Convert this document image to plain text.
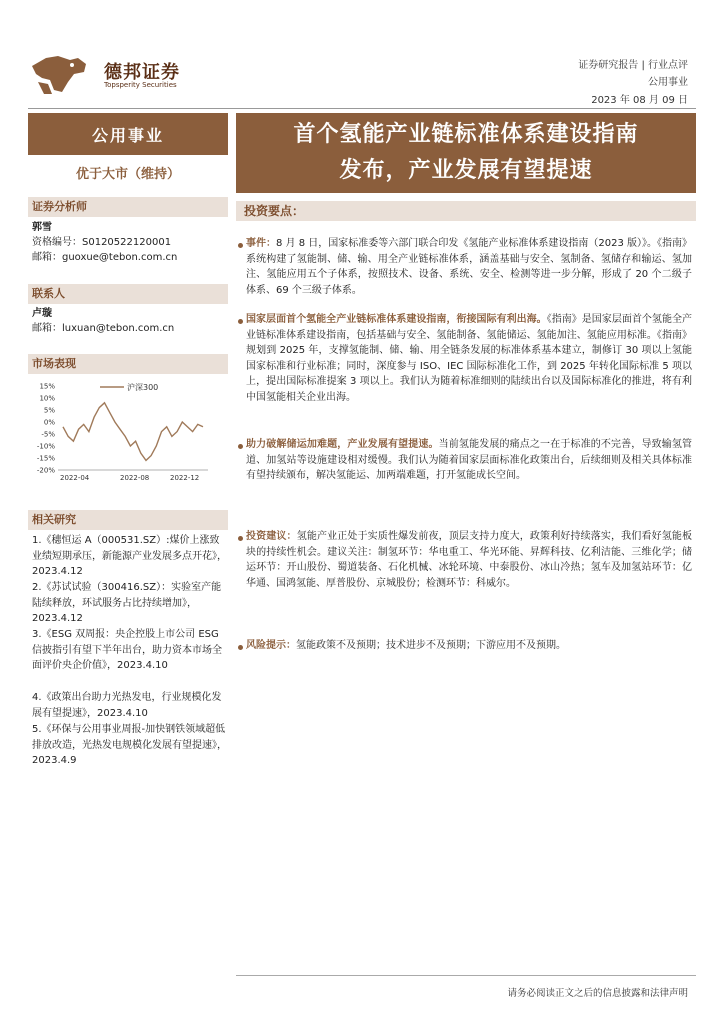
德邦证券
Topsperity Securities
证券研究报告 | 行业点评
公用事业
2023 年 08 月 09 日
公用事业
优于大市（维持）
证券分析师
郭雪
资格编号：S0120522120001
邮箱：guoxue@tebon.com.cn
联系人
卢璇
邮箱：luxuan@tebon.com.cn
市场表现
15%
10%
5%
0%
-5%
-10%
-15%
-20%
2022-04	2022-08	2022-12
沪深300
相关研究
1.《穗恒运 A（000531.SZ）:煤价上涨致业绩短期承压，新能源产业发展多点开花》，2023.4.12
2.《苏试试验（300416.SZ）：实验室产能陆续释放，环试服务占比持续增加》，2023.4.12
3.《ESG 双周报：央企控股上市公司 ESG 信披指引有望下半年出台，助力资本市场全面评价央企价值》，2023.4.10
4.《政策出台助力光热发电，行业规模化发展有望提速》，2023.4.10
5.《环保与公用事业周报-加快钢铁领域超低排放改造，光热发电规模化发展有望提速》，2023.4.9
首个氢能产业链标准体系建设指南
发布，产业发展有望提速
投资要点：
事件：8 月 8 日，国家标准委等六部门联合印发《氢能产业标准体系建设指南（2023 版）》。《指南》系统构建了氢能制、储、输、用全产业链标准体系，涵盖基础与安全、氢制备、氢储存和输运、氢加注、氢能应用五个子体系，按照技术、设备、系统、安全、检测等进一步分解，形成了 20 个二级子体系、69 个三级子体系。
国家层面首个氢能全产业链标准体系建设指南，衔接国际有利出海。《指南》是国家层面首个氢能全产业链标准体系建设指南，包括基础与安全、氢能制备、氢能储运、氢能加注、氢能应用标准。《指南》规划到 2025 年，支撑氢能制、储、输、用全链条发展的标准体系基本建立，制修订 30 项以上氢能国家标准和行业标准；同时，深度参与 ISO、IEC 国际标准化工作，到 2025 年转化国际标准 5 项以上，提出国际标准提案 3 项以上。我们认为随着标准细则的陆续出台以及国际标准化的推进，将有利中国氢能相关企业出海。
助力破解储运加难题，产业发展有望提速。当前氢能发展的痛点之一在于标准的不完善，导致输氢管道、加氢站等设施建设相对缓慢。我们认为随着国家层面标准化政策出台，后续细则及相关具体标准有望持续颁布，解决氢能运、加两端难题，打开氢能成长空间。
投资建议：氢能产业正处于实质性爆发前夜，顶层支持力度大，政策利好持续落实，我们看好氢能板块的持续性机会。建议关注：制氢环节：华电重工、华光环能、昇辉科技、亿利洁能、三维化学；储运环节：开山股份、蜀道装备、石化机械、冰轮环境、中泰股份、冰山冷热；氢车及加氢站环节：亿华通、国鸿氢能、厚普股份、京城股份；检测环节：科威尔。
风险提示：氢能政策不及预期；技术进步不及预期；下游应用不及预期。
请务必阅读正文之后的信息披露和法律声明
